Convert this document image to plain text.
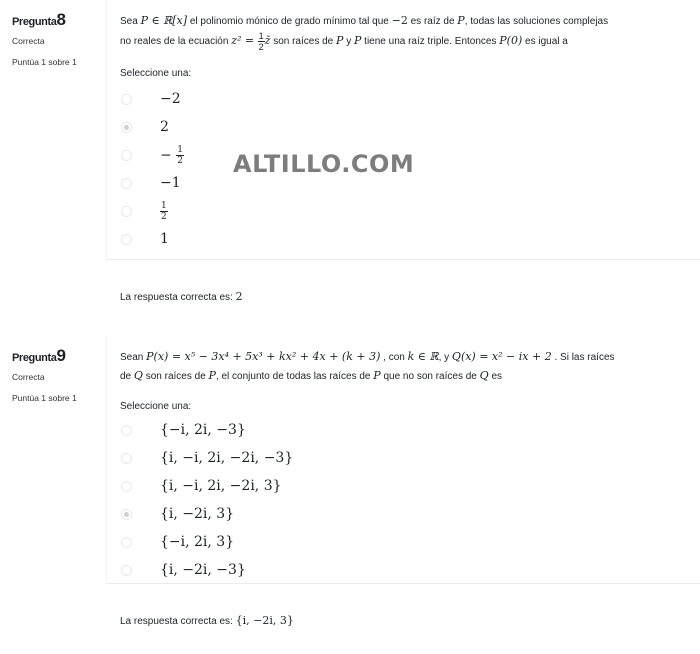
Pregunta8
Correcta
Puntúa 1 sobre 1
Sea P ∈ ℝ[x] el polinomio mónico de grado mínimo tal que −2 es raíz de P, todas las soluciones complejas
no reales de la ecuación $z^2 = \frac{1}{2}$ z̄ son raíces de P y P tiene una raíz triple. Entonces P(0) es igual a
Seleccione una:
−2
2
− $\frac{1}{2}$
−1
$\frac{1}{2}$
1
La respuesta correcta es: 2
Pregunta9
Correcta
Puntúa 1 sobre 1
Sean P(x) = x⁵ − 3x⁴ + 5x³ + kx² + 4x + (k + 3) , con k ∈ ℝ, y Q(x) = x² − ix + 2 . Si las raíces
de Q son raíces de P, el conjunto de todas las raíces de P que no son raíces de Q es
Seleccione una:
{−i, 2i, −3}
{i, −i, 2i, −2i, −3}
{i, −i, 2i, −2i, 3}
{i, −2i, 3}
{−i, 2i, 3}
{i, −2i, −3}
La respuesta correcta es: {i, −2i, 3}
ALTILLO.COM
